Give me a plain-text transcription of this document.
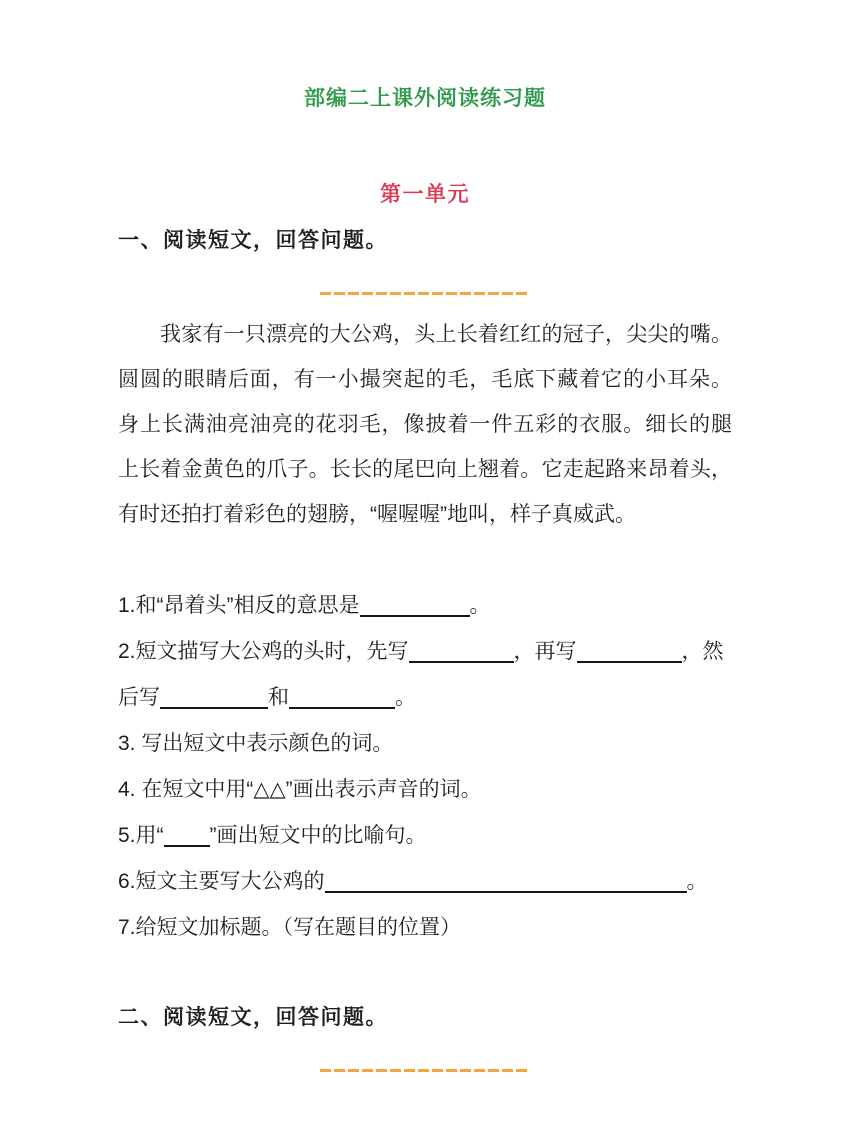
部编二上课外阅读练习题
第一单元
一、阅读短文，回答问题。
我家有一只漂亮的大公鸡，头上长着红红的冠子，尖尖的嘴。
圆圆的眼睛后面，有一小撮突起的毛，毛底下藏着它的小耳朵。
身上长满油亮油亮的花羽毛，像披着一件五彩的衣服。细长的腿
上长着金黄色的爪子。长长的尾巴向上翘着。它走起路来昂着头，
有时还拍打着彩色的翅膀，“喔喔喔”地叫，样子真威武。
1.和“昂着头”相反的意思是	。
2.短文描写大公鸡的头时，先写	，再写	，然
后写	和	。
3. 写出短文中表示颜色的词。
4. 在短文中用“△△”画出表示声音的词。
5.用“ ”画出短文中的比喻句。
6.短文主要写大公鸡的	。
7.给短文加标题。（写在题目的位置）
二、阅读短文，回答问题。
